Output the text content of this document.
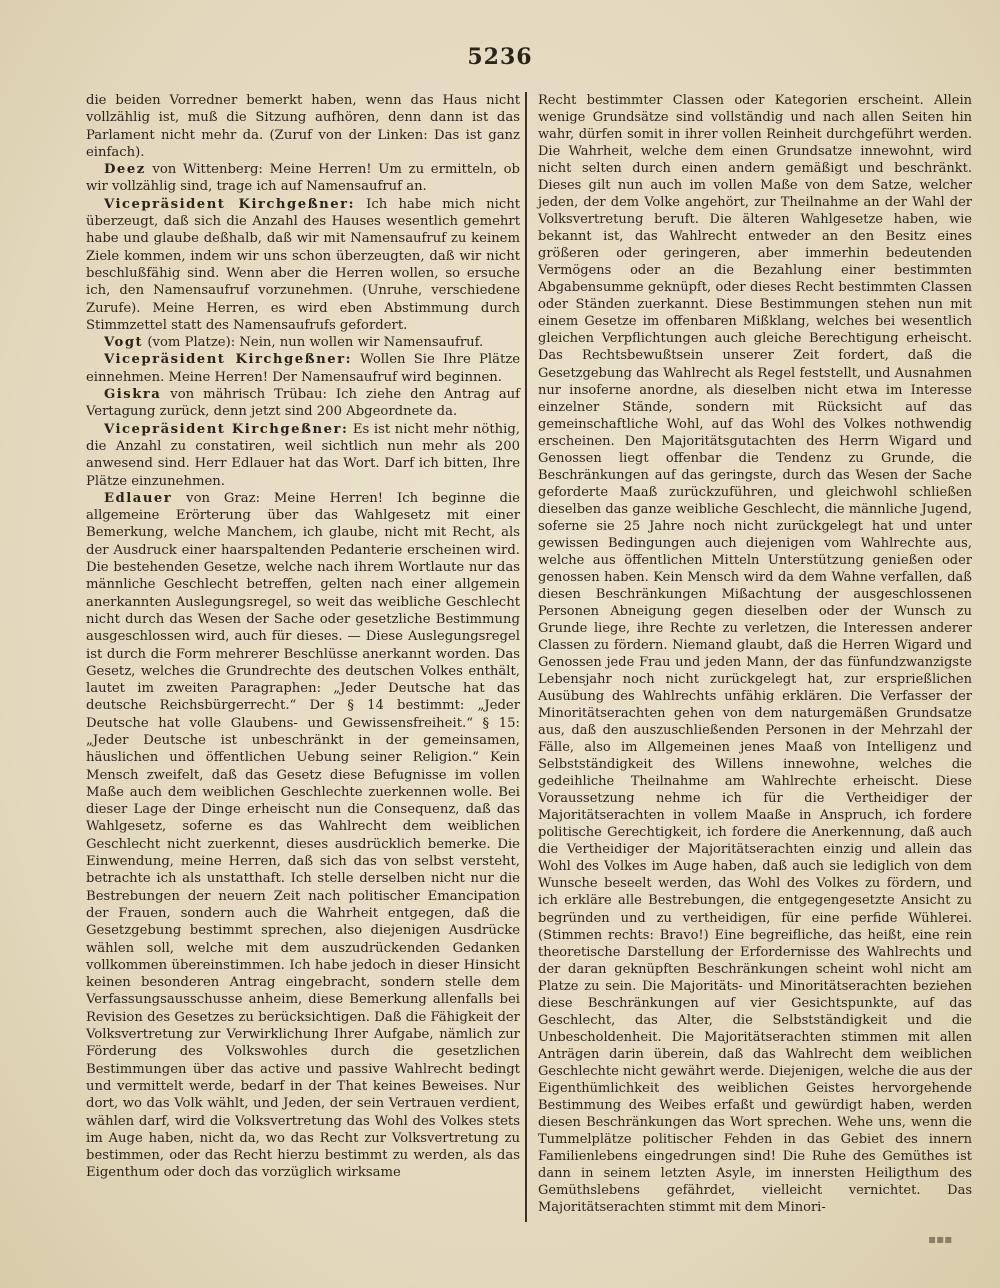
5236

die beiden Vorredner bemerkt haben, wenn das Haus nicht vollzählig ist, muß die Sitzung aufhören, denn dann ist das Parlament nicht mehr da. (Zuruf von der Linken: Das ist ganz einfach).

Deez von Wittenberg: Meine Herren! Um zu ermitteln, ob wir vollzählig sind, trage ich auf Namensaufruf an.

Vicepräsident Kirchgeßner: Ich habe mich nicht überzeugt, daß sich die Anzahl des Hauses wesentlich gemehrt habe und glaube deßhalb, daß wir mit Namensaufruf zu keinem Ziele kommen, indem wir uns schon überzeugten, daß wir nicht beschlußfähig sind. Wenn aber die Herren wollen, so ersuche ich, den Namensaufruf vorzunehmen. (Unruhe, verschiedene Zurufe). Meine Herren, es wird eben Abstimmung durch Stimmzettel statt des Namensaufrufs gefordert.

Vogt (vom Platze): Nein, nun wollen wir Namensaufruf.

Vicepräsident Kirchgeßner: Wollen Sie Ihre Plätze einnehmen. Meine Herren! Der Namensaufruf wird beginnen.

Giskra von mährisch Trübau: Ich ziehe den Antrag auf Vertagung zurück, denn jetzt sind 200 Abgeordnete da.

Vicepräsident Kirchgeßner: Es ist nicht mehr nöthig, die Anzahl zu constatiren, weil sichtlich nun mehr als 200 anwesend sind. Herr Edlauer hat das Wort. Darf ich bitten, Ihre Plätze einzunehmen.

Edlauer von Graz: Meine Herren! Ich beginne die allgemeine Erörterung über das Wahlgesetz mit einer Bemerkung, welche Manchem, ich glaube, nicht mit Recht, als der Ausdruck einer haarspaltenden Pedanterie erscheinen wird. Die bestehenden Gesetze, welche nach ihrem Wortlaute nur das männliche Geschlecht betreffen, gelten nach einer allgemein anerkannten Auslegungsregel, so weit das weibliche Geschlecht nicht durch das Wesen der Sache oder gesetzliche Bestimmung ausgeschlossen wird, auch für dieses. — Diese Auslegungsregel ist durch die Form mehrerer Beschlüsse anerkannt worden. Das Gesetz, welches die Grundrechte des deutschen Volkes enthält, lautet im zweiten Paragraphen: „Jeder Deutsche hat das deutsche Reichsbürgerrecht.“ Der § 14 bestimmt: „Jeder Deutsche hat volle Glaubens- und Gewissensfreiheit.“ § 15: „Jeder Deutsche ist unbeschränkt in der gemeinsamen, häuslichen und öffentlichen Uebung seiner Religion.“ Kein Mensch zweifelt, daß das Gesetz diese Befugnisse im vollen Maße auch dem weiblichen Geschlechte zuerkennen wolle. Bei dieser Lage der Dinge erheischt nun die Consequenz, daß das Wahlgesetz, soferne es das Wahlrecht dem weiblichen Geschlecht nicht zuerkennt, dieses ausdrücklich bemerke. Die Einwendung, meine Herren, daß sich das von selbst versteht, betrachte ich als unstatthaft. Ich stelle derselben nicht nur die Bestrebungen der neuern Zeit nach politischer Emancipation der Frauen, sondern auch die Wahrheit entgegen, daß die Gesetzgebung bestimmt sprechen, also diejenigen Ausdrücke wählen soll, welche mit dem auszudrückenden Gedanken vollkommen übereinstimmen. Ich habe jedoch in dieser Hinsicht keinen besonderen Antrag eingebracht, sondern stelle dem Verfassungsausschusse anheim, diese Bemerkung allenfalls bei Revision des Gesetzes zu berücksichtigen. Daß die Fähigkeit der Volksvertretung zur Verwirklichung Ihrer Aufgabe, nämlich zur Förderung des Volkswohles durch die gesetzlichen Bestimmungen über das active und passive Wahlrecht bedingt und vermittelt werde, bedarf in der That keines Beweises. Nur dort, wo das Volk wählt, und Jeden, der sein Vertrauen verdient, wählen darf, wird die Volksvertretung das Wohl des Volkes stets im Auge haben, nicht da, wo das Recht zur Volksvertretung zu bestimmen, oder das Recht hierzu bestimmt zu werden, als das Eigenthum oder doch das vorzüglich wirksame

Recht bestimmter Classen oder Kategorien erscheint. Allein wenige Grundsätze sind vollständig und nach allen Seiten hin wahr, dürfen somit in ihrer vollen Reinheit durchgeführt werden. Die Wahrheit, welche dem einen Grundsatze innewohnt, wird nicht selten durch einen andern gemäßigt und beschränkt. Dieses gilt nun auch im vollen Maße von dem Satze, welcher jeden, der dem Volke angehört, zur Theilnahme an der Wahl der Volksvertretung beruft. Die älteren Wahlgesetze haben, wie bekannt ist, das Wahlrecht entweder an den Besitz eines größeren oder geringeren, aber immerhin bedeutenden Vermögens oder an die Bezahlung einer bestimmten Abgabensumme geknüpft, oder dieses Recht bestimmten Classen oder Ständen zuerkannt. Diese Bestimmungen stehen nun mit einem Gesetze im offenbaren Mißklang, welches bei wesentlich gleichen Verpflichtungen auch gleiche Berechtigung erheischt. Das Rechtsbewußtsein unserer Zeit fordert, daß die Gesetzgebung das Wahlrecht als Regel feststellt, und Ausnahmen nur insoferne anordne, als dieselben nicht etwa im Interesse einzelner Stände, sondern mit Rücksicht auf das gemeinschaftliche Wohl, auf das Wohl des Volkes nothwendig erscheinen. Den Majoritätsgutachten des Herrn Wigard und Genossen liegt offenbar die Tendenz zu Grunde, die Beschränkungen auf das geringste, durch das Wesen der Sache geforderte Maaß zurückzuführen, und gleichwohl schließen dieselben das ganze weibliche Geschlecht, die männliche Jugend, soferne sie 25 Jahre noch nicht zurückgelegt hat und unter gewissen Bedingungen auch diejenigen vom Wahlrechte aus, welche aus öffentlichen Mitteln Unterstützung genießen oder genossen haben. Kein Mensch wird da dem Wahne verfallen, daß diesen Beschränkungen Mißachtung der ausgeschlossenen Personen Abneigung gegen dieselben oder der Wunsch zu Grunde liege, ihre Rechte zu verletzen, die Interessen anderer Classen zu fördern. Niemand glaubt, daß die Herren Wigard und Genossen jede Frau und jeden Mann, der das fünfundzwanzigste Lebensjahr noch nicht zurückgelegt hat, zur ersprießlichen Ausübung des Wahlrechts unfähig erklären. Die Verfasser der Minoritätserachten gehen von dem naturgemäßen Grundsatze aus, daß den auszuschließenden Personen in der Mehrzahl der Fälle, also im Allgemeinen jenes Maaß von Intelligenz und Selbstständigkeit des Willens innewohne, welches die gedeihliche Theilnahme am Wahlrechte erheischt. Diese Voraussetzung nehme ich für die Vertheidiger der Majoritätserachten in vollem Maaße in Anspruch, ich fordere politische Gerechtigkeit, ich fordere die Anerkennung, daß auch die Vertheidiger der Majoritätserachten einzig und allein das Wohl des Volkes im Auge haben, daß auch sie lediglich von dem Wunsche beseelt werden, das Wohl des Volkes zu fördern, und ich erkläre alle Bestrebungen, die entgegengesetzte Ansicht zu begründen und zu vertheidigen, für eine perfide Wühlerei. (Stimmen rechts: Bravo!) Eine begreifliche, das heißt, eine rein theoretische Darstellung der Erfordernisse des Wahlrechts und der daran geknüpften Beschränkungen scheint wohl nicht am Platze zu sein. Die Majoritäts- und Minoritätserachten beziehen diese Beschränkungen auf vier Gesichtspunkte, auf das Geschlecht, das Alter, die Selbstständigkeit und die Unbescholdenheit. Die Majoritätserachten stimmen mit allen Anträgen darin überein, daß das Wahlrecht dem weiblichen Geschlechte nicht gewährt werde. Diejenigen, welche die aus der Eigenthümlichkeit des weiblichen Geistes hervorgehende Bestimmung des Weibes erfaßt und gewürdigt haben, werden diesen Beschränkungen das Wort sprechen. Wehe uns, wenn die Tummelplätze politischer Fehden in das Gebiet des innern Familienlebens eingedrungen sind! Die Ruhe des Gemüthes ist dann in seinem letzten Asyle, im innersten Heiligthum des Gemüthslebens gefährdet, vielleicht vernichtet. Das Majoritätserachten stimmt mit dem Minori-

▪▪▪
